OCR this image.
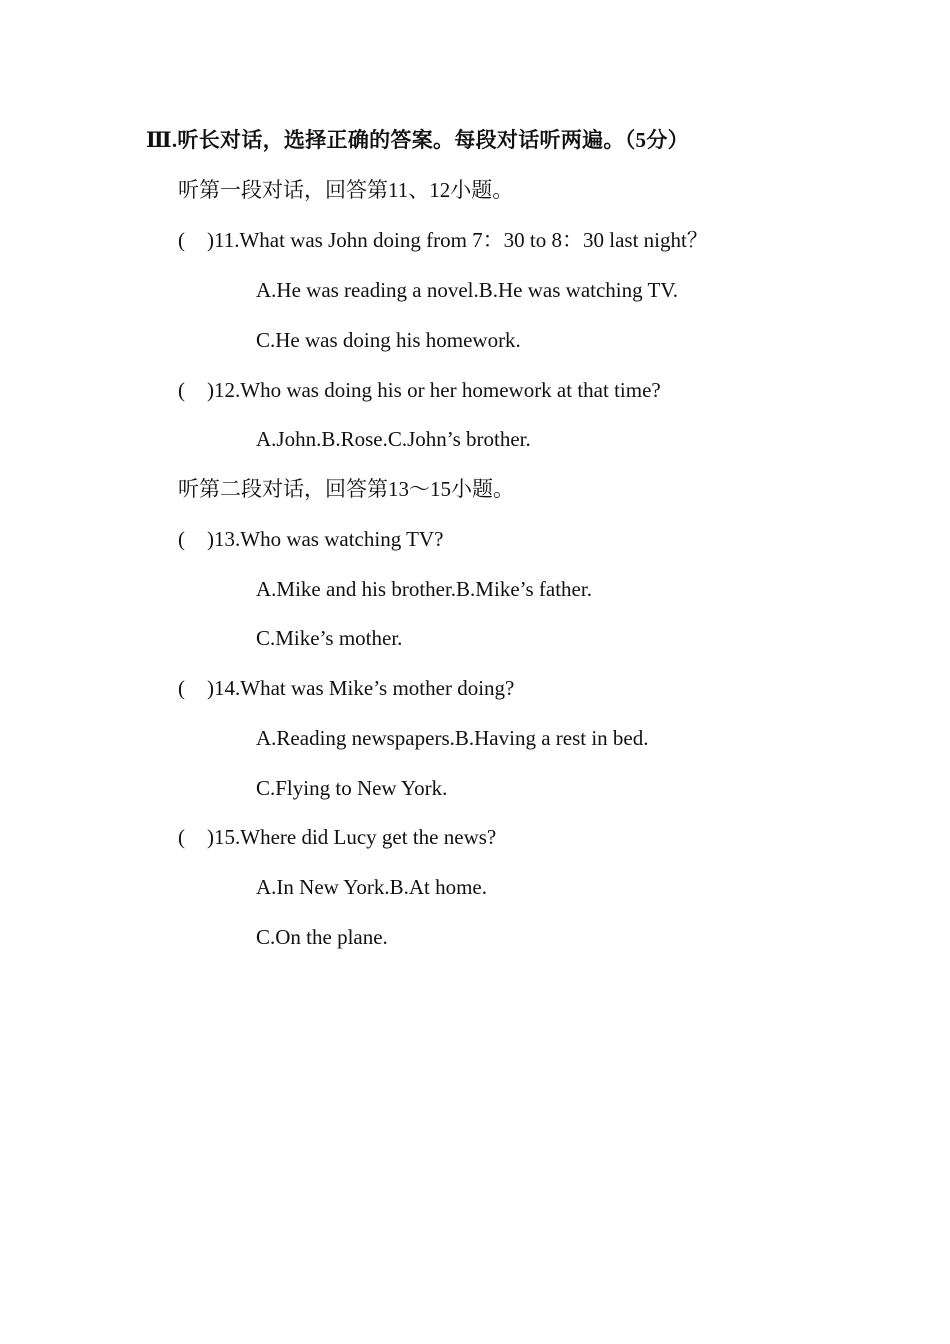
Ⅲ.听长对话，选择正确的答案。每段对话听两遍。（5分）
听第一段对话，回答第11、12小题。
( )11.What was John doing from 7：30 to 8：30 last night？
A.He was reading a novel.B.He was watching TV.
C.He was doing his homework.
( )12.Who was doing his or her homework at that time?
A.John.B.Rose.C.John’s brother.
听第二段对话，回答第13～15小题。
( )13.Who was watching TV?
A.Mike and his brother.B.Mike’s father.
C.Mike’s mother.
( )14.What was Mike’s mother doing?
A.Reading newspapers.B.Having a rest in bed.
C.Flying to New York.
( )15.Where did Lucy get the news?
A.In New York.B.At home.
C.On the plane.
